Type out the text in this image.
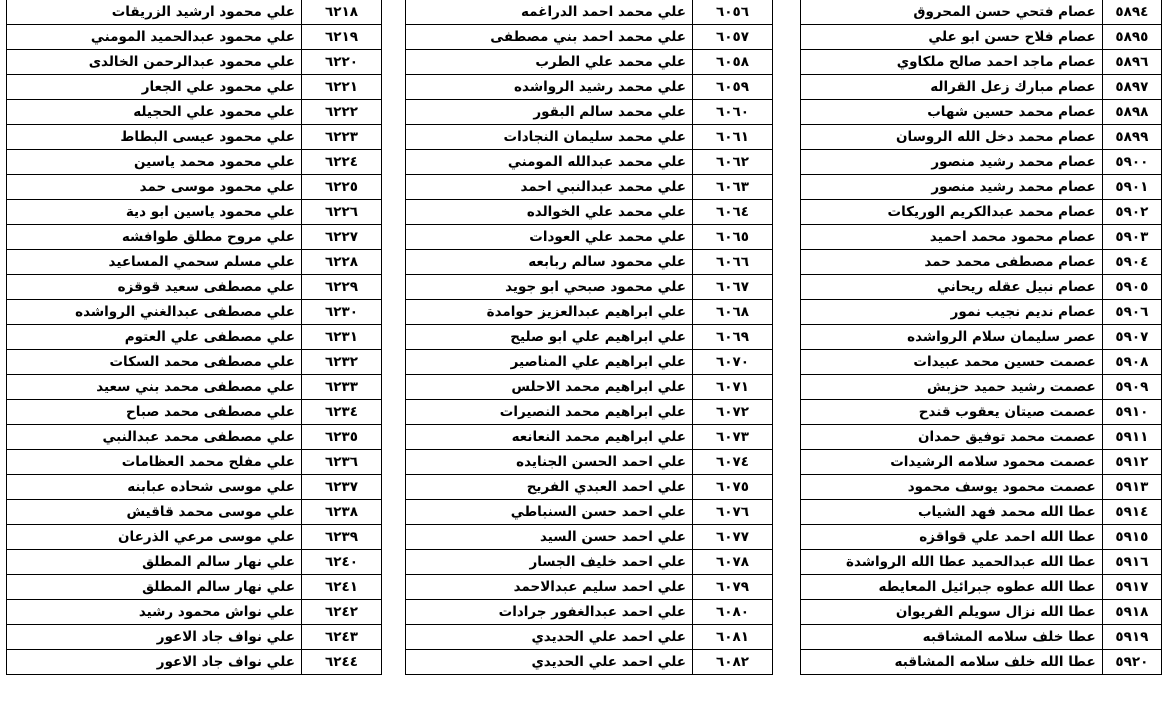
٥٨٩٤	عصام فتحي حسن المحروق
٥٨٩٥	عصام فلاح حسن ابو علي
٥٨٩٦	عصام ماجد احمد صالح ملكاوي
٥٨٩٧	عصام مبارك زعل القراله
٥٨٩٨	عصام محمد حسين شهاب
٥٨٩٩	عصام محمد دخل الله الروسان
٥٩٠٠	عصام محمد رشيد منصور
٥٩٠١	عصام محمد رشيد منصور
٥٩٠٢	عصام محمد عبدالكريم الوريكات
٥٩٠٣	عصام محمود محمد احميد
٥٩٠٤	عصام مصطفى محمد حمد
٥٩٠٥	عصام نبيل عقله ريحاني
٥٩٠٦	عصام نديم نجيب نمور
٥٩٠٧	عصر سليمان سلام الرواشده
٥٩٠٨	عصمت حسين محمد عبيدات
٥٩٠٩	عصمت رشيد حميد حزبش
٥٩١٠	عصمت صيتان يعقوب قندح
٥٩١١	عصمت محمد توفيق حمدان
٥٩١٢	عصمت محمود سلامه الرشيدات
٥٩١٣	عصمت محمود يوسف محمود
٥٩١٤	عطا الله محمد فهد الشياب
٥٩١٥	عطا الله احمد علي قواقزه
٥٩١٦	عطا الله عبدالحميد عطا الله الرواشدة
٥٩١٧	عطا الله عطوه جبرائيل المعايطه
٥٩١٨	عطا الله نزال سويلم الفريوان
٥٩١٩	عطا خلف سلامه المشاقبه
٥٩٢٠	عطا الله خلف سلامه المشاقبه
٦٠٥٦	علي محمد احمد الدراغمه
٦٠٥٧	علي محمد احمد بني مصطفى
٦٠٥٨	علي محمد علي الطرب
٦٠٥٩	علي محمد رشيد الرواشده
٦٠٦٠	علي محمد سالم البقور
٦٠٦١	علي محمد سليمان النجادات
٦٠٦٢	علي محمد عبدالله المومني
٦٠٦٣	علي محمد عبدالنبي احمد
٦٠٦٤	علي محمد علي الخوالده
٦٠٦٥	علي محمد علي العودات
٦٠٦٦	علي محمود سالم ربابعه
٦٠٦٧	علي محمود صبحي ابو جويد
٦٠٦٨	علي ابراهيم عبدالعزيز حوامدة
٦٠٦٩	علي ابراهيم علي ابو صليح
٦٠٧٠	علي ابراهيم علي المناصير
٦٠٧١	علي ابراهيم محمد الاحلس
٦٠٧٢	علي ابراهيم محمد النصيرات
٦٠٧٣	علي ابراهيم محمد النعانعه
٦٠٧٤	علي احمد الحسن الجنايده
٦٠٧٥	علي احمد العبدي الفريح
٦٠٧٦	علي احمد حسن السنباطي
٦٠٧٧	علي احمد حسن السيد
٦٠٧٨	علي احمد خليف الجسار
٦٠٧٩	علي احمد سليم عبدالاحمد
٦٠٨٠	علي احمد عبدالغفور جرادات
٦٠٨١	علي احمد علي الحديدي
٦٠٨٢	علي احمد علي الحديدي
٦٢١٨	علي محمود ارشيد الزريقات
٦٢١٩	علي محمود عبدالحميد المومني
٦٢٢٠	علي محمود عبدالرحمن الخالدى
٦٢٢١	علي محمود علي الجعار
٦٢٢٢	علي محمود علي الحجيله
٦٢٢٣	علي محمود عيسى البطاط
٦٢٢٤	علي محمود محمد ياسين
٦٢٢٥	علي محمود موسى حمد
٦٢٢٦	علي محمود ياسين ابو دية
٦٢٢٧	علي مروح مطلق طوافشه
٦٢٢٨	علي مسلم سحمي المساعيد
٦٢٢٩	علي مصطفى سعيد قوقزه
٦٢٣٠	علي مصطفى عبدالغني الرواشده
٦٢٣١	علي مصطفى علي العتوم
٦٢٣٢	علي مصطفى محمد السكات
٦٢٣٣	علي مصطفى محمد بني سعيد
٦٢٣٤	علي مصطفى محمد صباح
٦٢٣٥	علي مصطفى محمد عبدالنبي
٦٢٣٦	علي مفلح محمد العظامات
٦٢٣٧	علي موسى شحاده عبابنه
٦٢٣٨	علي موسى محمد قاقيش
٦٢٣٩	علي موسى مرعي الذرعان
٦٢٤٠	علي نهار سالم المطلق
٦٢٤١	علي نهار سالم المطلق
٦٢٤٢	علي نواش محمود رشيد
٦٢٤٣	علي نواف جاد الاعور
٦٢٤٤	علي نواف جاد الاعور
